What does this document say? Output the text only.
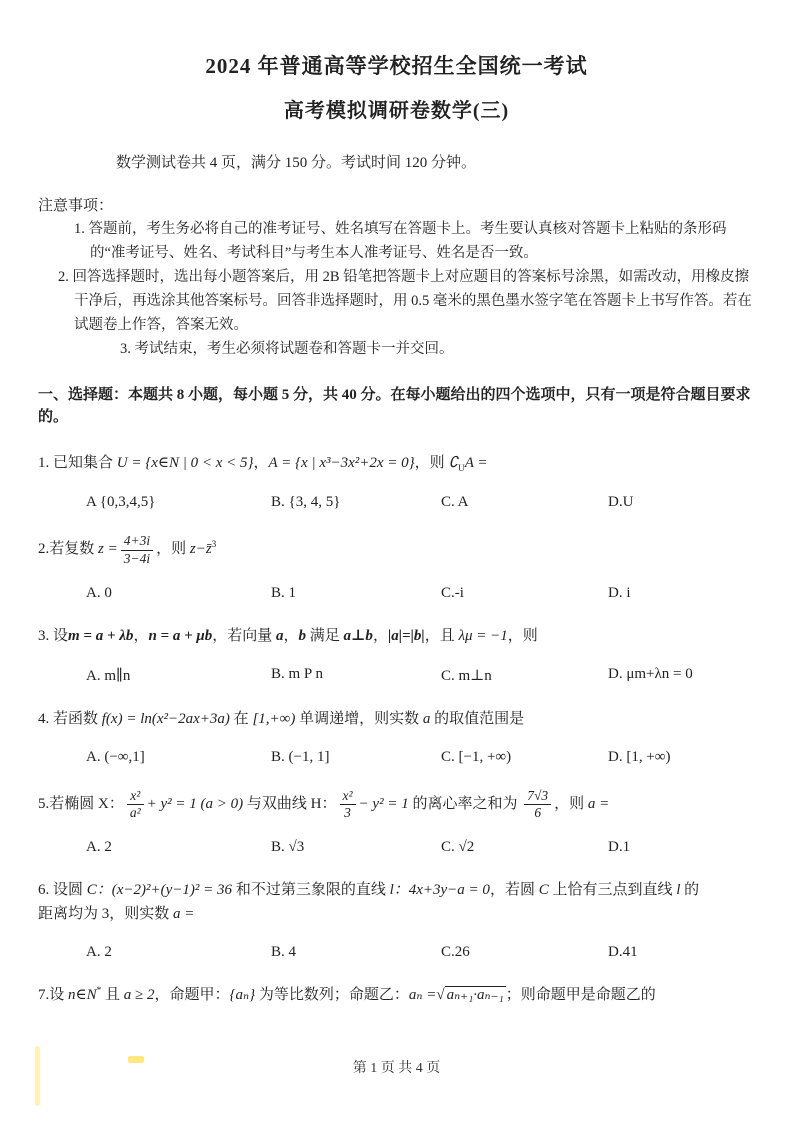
2024 年普通高等学校招生全国统一考试
高考模拟调研卷数学(三)

数学测试卷共 4 页，满分 150 分。考试时间 120 分钟。

注意事项：

1. 答题前，考生务必将自己的准考证号、姓名填写在答题卡上。考生要认真核对答题卡上粘贴的条形码的“准考证号、姓名、考试科目”与考生本人准考证号、姓名是否一致。

2. 回答选择题时，选出每小题答案后，用 2B 铅笔把答题卡上对应题目的答案标号涂黑，如需改动，用橡皮擦干净后，再选涂其他答案标号。回答非选择题时，用 0.5 毫米的黑色墨水签字笔在答题卡上书写作答。若在试题卷上作答，答案无效。

3. 考试结束，考生必须将试题卷和答题卡一并交回。

一、选择题：本题共 8 小题，每小题 5 分，共 40 分。在每小题给出的四个选项中，只有一项是符合题目要求的。

1. 已知集合 U = {x∈N | 0 < x < 5}，A = {x | x³−3x²+2x = 0}，则 $∁_UA$ =

A {0,3,4,5}	B. {3, 4, 5}	C. A	D.U

2.若复数 $z = \frac{4+3i}{3-4i}$ ，则 z−z̄$^3$

A. 0	B. 1	C.-i	D. i

3. 设m = a + λb，n = a + μb，若向量 a，b 满足 a⊥b，|a|=|b|，且 λμ = −1，则

A. m∥n	B. m P n	C. m⊥n	D. μm+λn = 0

4. 若函数 f(x) = ln(x²−2ax+3a) 在 [1,+∞) 单调递增，则实数 a 的取值范围是

A. (−∞,1]	B. (−1, 1]	C. [−1, +∞)	D. [1, +∞)

5.若椭圆 X： $\frac{\text{x²}}{\text{a²}} + y^2 = 1$ (a > 0) 与双曲线 H： $\frac{\text{x²}}{3} - y^2 = 1$ 的离心率之和为 $\frac{7√3}{6}$ ，则 a =

A. 2	B. √3	C. √2	D.1

6. 设圆 C：(x−2)²+(y−1)² = 36 和不过第三象限的直线 l：4x+3y−a = 0，若圆 C 上恰有三点到直线 l 的
距离均为 3，则实数 a =

A. 2	B. 4	C.26	D.41

7.设 n∈N* 且 a ≥ 2，命题甲：{aₙ} 为等比数列；命题乙：aₙ =√ aₙ₊₁·aₙ₋₁ ；则命题甲是命题乙的

第 1 页 共 4 页
